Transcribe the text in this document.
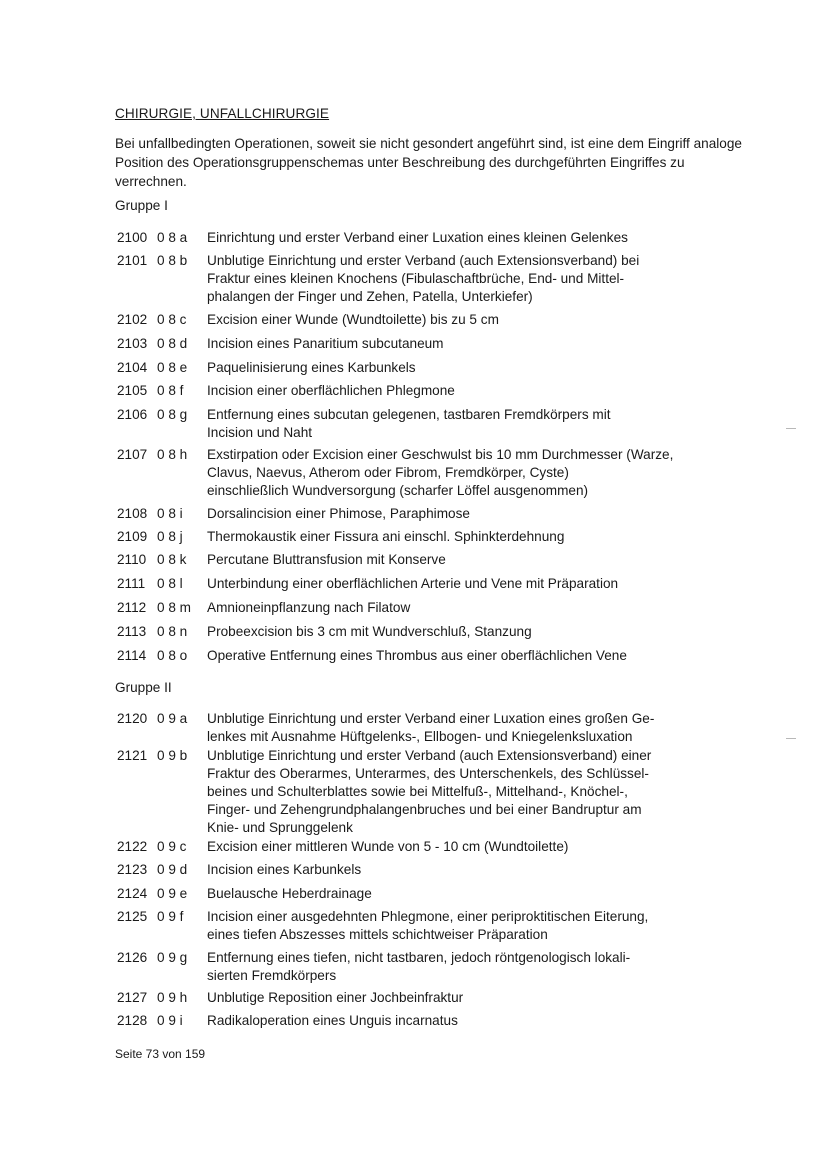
CHIRURGIE, UNFALLCHIRURGIE
Bei unfallbedingten Operationen, soweit sie nicht gesondert angeführt sind, ist eine dem Eingriff analoge Position des Operationsgruppenschemas unter Beschreibung des durchgeführten Eingriffes zu verrechnen.
Gruppe I
Gruppe II
2100 0 8 a	Einrichtung und erster Verband einer Luxation eines kleinen Gelenkes
2101 0 8 b	Unblutige Einrichtung und erster Verband (auch Extensionsverband) bei
Fraktur eines kleinen Knochens (Fibulaschaftbrüche, End- und Mittel-
phalangen der Finger und Zehen, Patella, Unterkiefer)
2102 0 8 c	Excision einer Wunde (Wundtoilette) bis zu 5 cm
2103 0 8 d	Incision eines Panaritium subcutaneum
2104 0 8 e	Paquelinisierung eines Karbunkels
2105 0 8 f	Incision einer oberflächlichen Phlegmone
2106 0 8 g	Entfernung eines subcutan gelegenen, tastbaren Fremdkörpers mit
Incision und Naht
2107 0 8 h	Exstirpation oder Excision einer Geschwulst bis 10 mm Durchmesser (Warze,
Clavus, Naevus, Atherom oder Fibrom, Fremdkörper, Cyste)
einschließlich Wundversorgung (scharfer Löffel ausgenommen)
2108 0 8 i	Dorsalincision einer Phimose, Paraphimose
2109 0 8 j	Thermokaustik einer Fissura ani einschl. Sphinkterdehnung
2110 0 8 k	Percutane Bluttransfusion mit Konserve
2111 0 8 l	Unterbindung einer oberflächlichen Arterie und Vene mit Präparation
2112 0 8 m	Amnioneinpflanzung nach Filatow
2113 0 8 n	Probeexcision bis 3 cm mit Wundverschluß, Stanzung
2114 0 8 o	Operative Entfernung eines Thrombus aus einer oberflächlichen Vene
2120 0 9 a	Unblutige Einrichtung und erster Verband einer Luxation eines großen Ge-
lenkes mit Ausnahme Hüftgelenks-, Ellbogen- und Kniegelenksluxation
2121 0 9 b	Unblutige Einrichtung und erster Verband (auch Extensionsverband) einer
Fraktur des Oberarmes, Unterarmes, des Unterschenkels, des Schlüssel-
beines und Schulterblattes sowie bei Mittelfuß-, Mittelhand-, Knöchel-,
Finger- und Zehengrundphalangenbruches und bei einer Bandruptur am
Knie- und Sprunggelenk
2122 0 9 c	Excision einer mittleren Wunde von 5 - 10 cm (Wundtoilette)
2123 0 9 d	Incision eines Karbunkels
2124 0 9 e	Buelausche Heberdrainage
2125 0 9 f	Incision einer ausgedehnten Phlegmone, einer periproktitischen Eiterung,
eines tiefen Abszesses mittels schichtweiser Präparation
2126 0 9 g	Entfernung eines tiefen, nicht tastbaren, jedoch röntgenologisch lokali-
sierten Fremdkörpers
2127 0 9 h	Unblutige Reposition einer Jochbeinfraktur
2128 0 9 i	Radikaloperation eines Unguis incarnatus
Seite 73 von 159
